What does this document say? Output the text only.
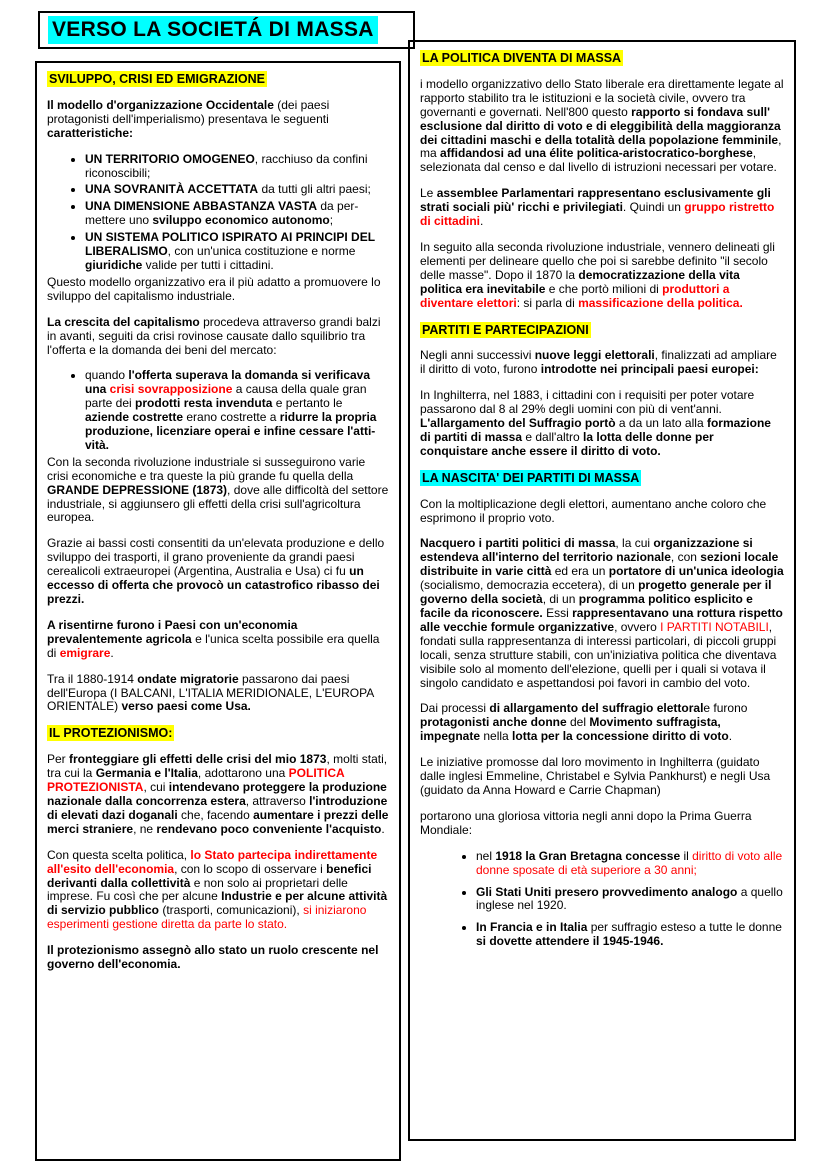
VERSO LA SOCIETÁ DI MASSA
SVILUPPO, CRISI ED EMIGRAZIONE

Il modello d'organizzazione Occidentale (dei paesi protagonisti dell'imperialismo) presentava le seguenti caratteristiche:

• UN TERRITORIO OMOGENEO, racchiuso da confini riconoscibili;
• UNA SOVRANITÀ ACCETTATA da tutti gli altri paesi;
• UNA DIMENSIONE ABBASTANZA VASTA da per-mettere uno sviluppo economico autonomo;
• UN SISTEMA POLITICO ISPIRATO AI PRINCIPI DEL LIBERALISMO, con un'unica costituzione e norme giuridiche valide per tutti i cittadini.

Questo modello organizzativo era il più adatto a promuovere lo sviluppo del capitalismo industriale.

La crescita del capitalismo procedeva attraverso grandi balzi in avanti, seguiti da crisi rovinose causate dallo squilibrio tra l'offerta e la domanda dei beni del mercato:

• quando l'offerta superava la domanda si verificava una crisi sovrapposizione a causa della quale gran parte dei prodotti resta invenduta e pertanto le aziende costrette erano costrette a ridurre la propria produzione, licenziare operai e infine cessare l'atti-vità.

Con la seconda rivoluzione industriale si susseguirono varie crisi economiche e tra queste la più grande fu quella della GRANDE DEPRESSIONE (1873), dove alle difficoltà del settore industriale, si aggiunsero gli effetti della crisi sull'agricoltura europea.

Grazie ai bassi costi consentiti da un'elevata produzione e dello sviluppo dei trasporti, il grano proveniente da grandi paesi cerealicoli extraeuropei (Argentina, Australia e Usa) ci fu un eccesso di offerta che provocò un catastrofico ribasso dei prezzi.

A risentirne furono i Paesi con un'economia prevalentemente agricola e l'unica scelta possibile era quella di emigrare.

Tra il 1880-1914 ondate migratorie passarono dai paesi dell'Europa (I BALCANI, L'ITALIA MERIDIONALE, L'EUROPA ORIENTALE) verso paesi come Usa.

IL PROTEZIONISMO:

Per fronteggiare gli effetti delle crisi del mio 1873, molti stati, tra cui la Germania e l'Italia, adottarono una POLITICA PROTEZIONISTA, cui intendevano proteggere la produzione nazionale dalla concorrenza estera, attraverso l'introduzione di elevati dazi doganali che, facendo aumentare i prezzi delle merci straniere, ne rendevano poco conveniente l'acquisto.

Con questa scelta politica, lo Stato partecipa indirettamente all'esito dell'economia, con lo scopo di osservare i benefici derivanti dalla collettività e non solo ai proprietari delle imprese. Fu così che per alcune Industrie e per alcune attività di servizio pubblico (trasporti, comunicazioni), si iniziarono esperimenti gestione diretta da parte lo stato.

Il protezionismo assegnò allo stato un ruolo crescente nel governo dell'economia.

LA POLITICA DIVENTA DI MASSA

i modello organizzativo dello Stato liberale era direttamente legate al rapporto stabilito tra le istituzioni e la società civile, ovvero tra governanti e governati. Nell'800 questo rapporto si fondava sull' esclusione dal diritto di voto e di eleggibilità della maggioranza dei cittadini maschi e della totalità della popolazione femminile, ma affidandosi ad una élite politica-aristocratico-borghese, selezionata dal censo e dal livello di istruzioni necessari per votare.

Le assemblee Parlamentari rappresentano esclusivamente gli strati sociali più' ricchi e privilegiati. Quindi un gruppo ristretto di cittadini.

In seguito alla seconda rivoluzione industriale, vennero delineati gli elementi per delineare quello che poi si sarebbe definito "il secolo delle masse". Dopo il 1870 la democratizzazione della vita politica era inevitabile e che portò milioni di produttori a diventare elettori: si parla di massificazione della politica.

PARTITI E PARTECIPAZIONI

Negli anni successivi nuove leggi elettorali, finalizzati ad ampliare il diritto di voto, furono introdotte nei principali paesi europei:

In Inghilterra, nel 1883, i cittadini con i requisiti per poter votare passarono dal 8 al 29% degli uomini con più di vent'anni. L'allargamento del Suffragio portò a da un lato alla formazione di partiti di massa e dall'altro la lotta delle donne per conquistare anche essere il diritto di voto.

LA NASCITA' DEI PARTITI DI MASSA

Con la moltiplicazione degli elettori, aumentano anche coloro che esprimono il proprio voto.

Nacquero i partiti politici di massa, la cui organizzazione si estendeva all'interno del territorio nazionale, con sezioni locale distribuite in varie città ed era un portatore di un'unica ideologia (socialismo, democrazia eccetera), di un progetto generale per il governo della società, di un programma politico esplicito e facile da riconoscere. Essi rappresentavano una rottura rispetto alle vecchie formule organizzative, ovvero I PARTITI NOTABILI, fondati sulla rappresentanza di interessi particolari, di piccoli gruppi locali, senza strutture stabili, con un'iniziativa politica che diventava visibile solo al momento dell'elezione, quelli per i quali si votava il singolo candidato e aspettandosi poi favori in cambio del voto.

Dai processi di allargamento del suffragio elettorale furono protagonisti anche donne del Movimento suffragista, impegnate nella lotta per la concessione diritto di voto.

Le iniziative promosse dal loro movimento in Inghilterra (guidato dalle inglesi Emmeline, Christabel e Sylvia Pankhurst) e negli Usa (guidato da Anna Howard e Carrie Chapman)

portarono una gloriosa vittoria negli anni dopo la Prima Guerra Mondiale:

• nel 1918 la Gran Bretagna concesse il diritto di voto alle donne sposate di età superiore a 30 anni;
• Gli Stati Uniti presero provvedimento analogo a quello inglese nel 1920.
• In Francia e in Italia per suffragio esteso a tutte le donne si dovette attendere il 1945-1946.
